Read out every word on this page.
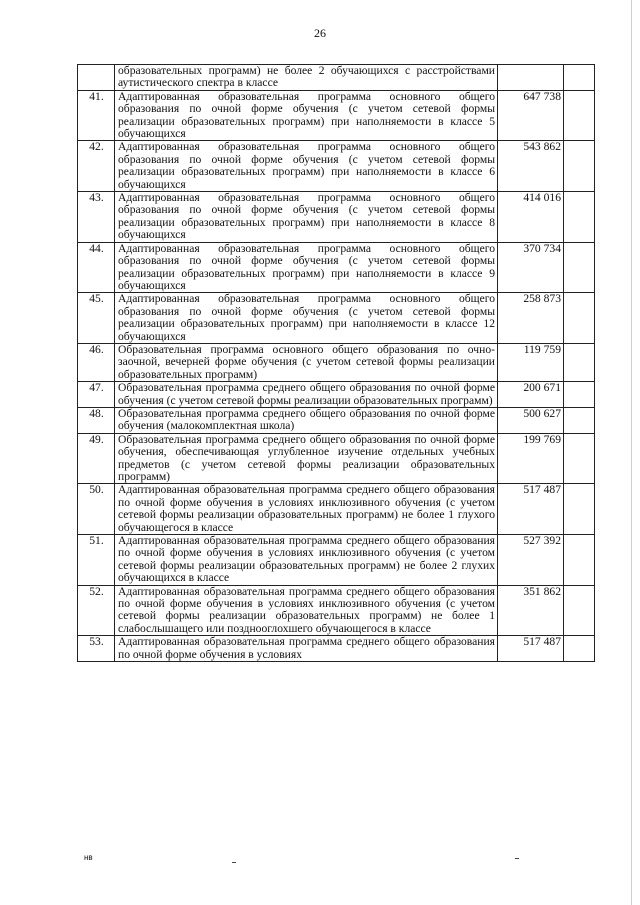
26
	образовательных программ) не более 2 обучающихся с расстройствами аутистического спектра в классе		
41.	Адаптированная образовательная программа основного общего образования по очной форме обучения (с учетом сетевой формы реализации образовательных программ) при наполняемости в классе 5 обучающихся	647 738	
42.	Адаптированная образовательная программа основного общего образования по очной форме обучения (с учетом сетевой формы реализации образовательных программ) при наполняемости в классе 6 обучающихся	543 862	
43.	Адаптированная образовательная программа основного общего образования по очной форме обучения (с учетом сетевой формы реализации образовательных программ) при наполняемости в классе 8 обучающихся	414 016	
44.	Адаптированная образовательная программа основного общего образования по очной форме обучения (с учетом сетевой формы реализации образовательных программ) при наполняемости в классе 9 обучающихся	370 734	
45.	Адаптированная образовательная программа основного общего образования по очной форме обучения (с учетом сетевой формы реализации образовательных программ) при наполняемости в классе 12 обучающихся	258 873	
46.	Образовательная программа основного общего образования по очно-заочной, вечерней форме обучения (с учетом сетевой формы реализации образовательных программ)	119 759	
47.	Образовательная программа среднего общего образования по очной форме обучения (с учетом сетевой формы реализации образовательных программ)	200 671	
48.	Образовательная программа среднего общего образования по очной форме обучения (малокомплектная школа)	500 627	
49.	Образовательная программа среднего общего образования по очной форме обучения, обеспечивающая углубленное изучение отдельных учебных предметов (с учетом сетевой формы реализации образовательных программ)	199 769	
50.	Адаптированная образовательная программа среднего общего образования по очной форме обучения в условиях инклюзивного обучения (с учетом сетевой формы реализации образовательных программ) не более 1 глухого обучающегося в классе	517 487	
51.	Адаптированная образовательная программа среднего общего образования по очной форме обучения в условиях инклюзивного обучения (с учетом сетевой формы реализации образовательных программ) не более 2 глухих обучающихся в классе	527 392	
52.	Адаптированная образовательная программа среднего общего образования по очной форме обучения в условиях инклюзивного обучения (с учетом сетевой формы реализации образовательных программ) не более 1 слабослышащего или позднооглохшего обучающегося в классе	351 862	
53.	Адаптированная образовательная программа среднего общего образования по очной форме обучения в условиях	517 487	
нв
